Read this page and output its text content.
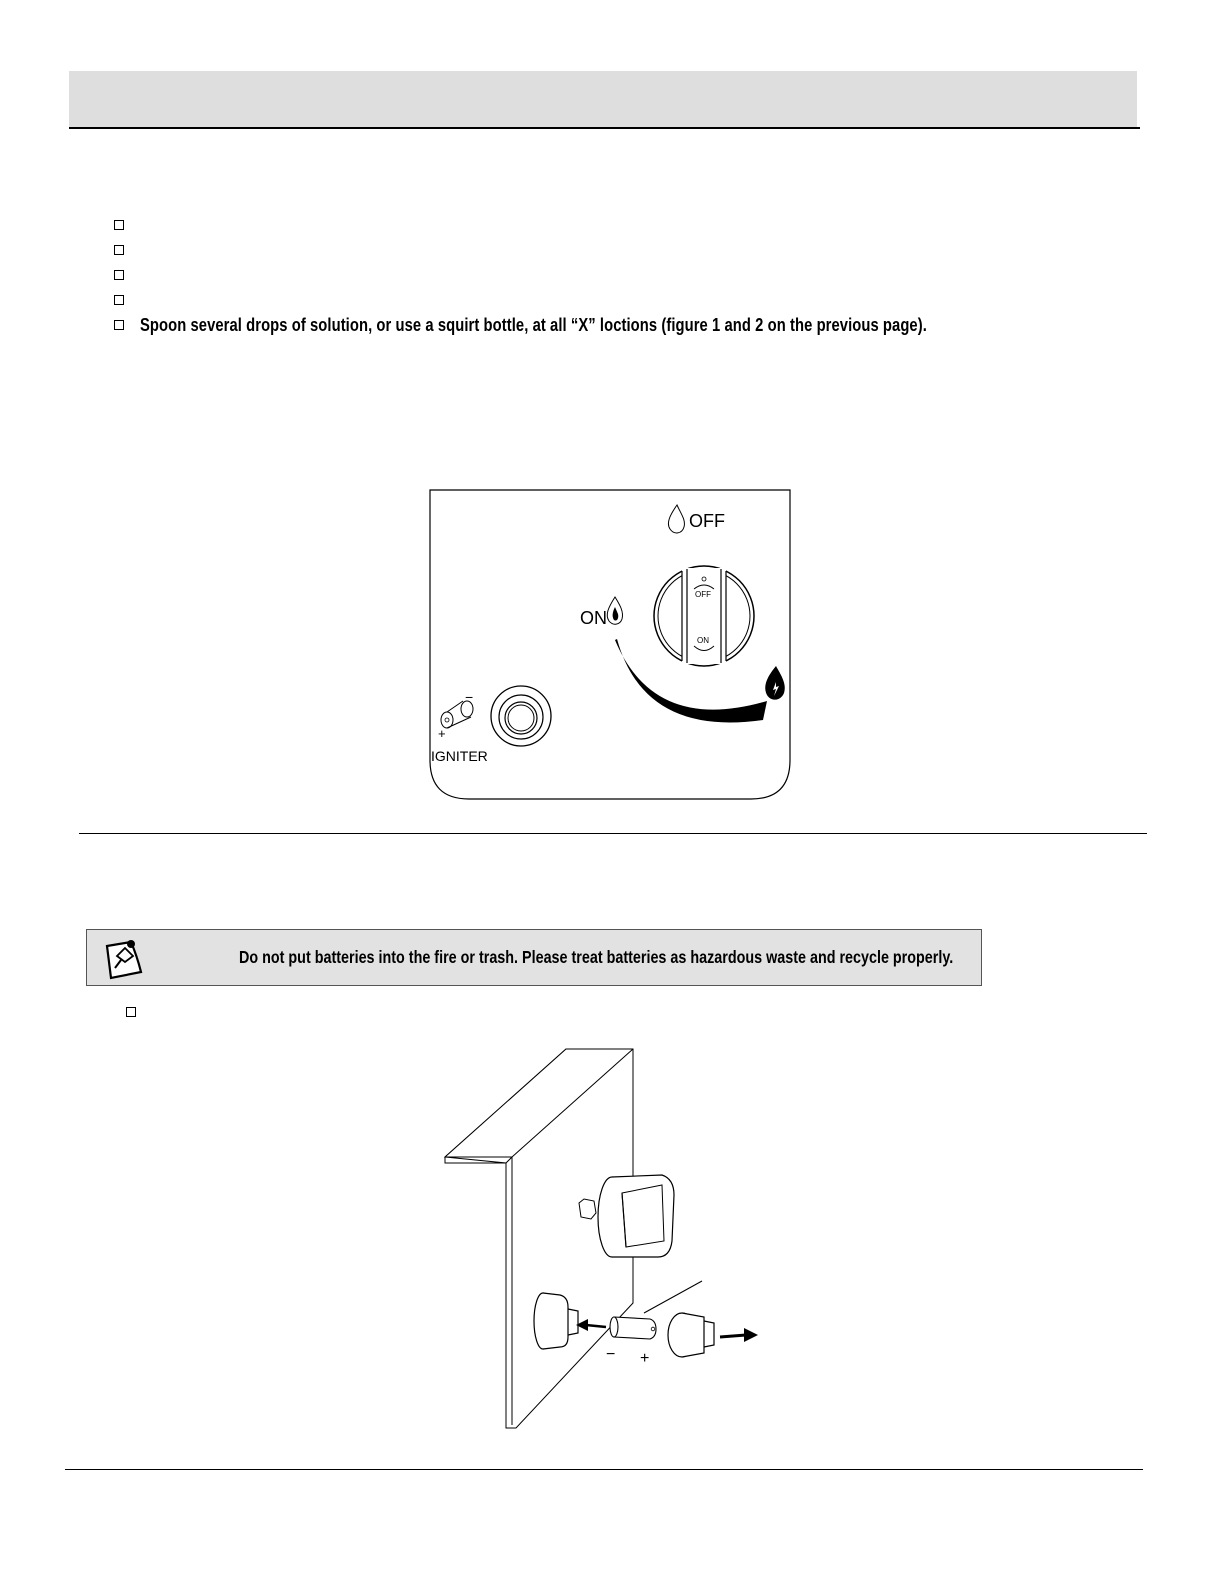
Spoon several drops of solution, or use a squirt bottle, at all “X” loctions (figure 1 and 2 on the previous page).
OFF
ON
OFF
ON
−
+
IGNITER
Do not put batteries into the fire or trash. Please treat batteries as hazardous waste and recycle properly.
− +
